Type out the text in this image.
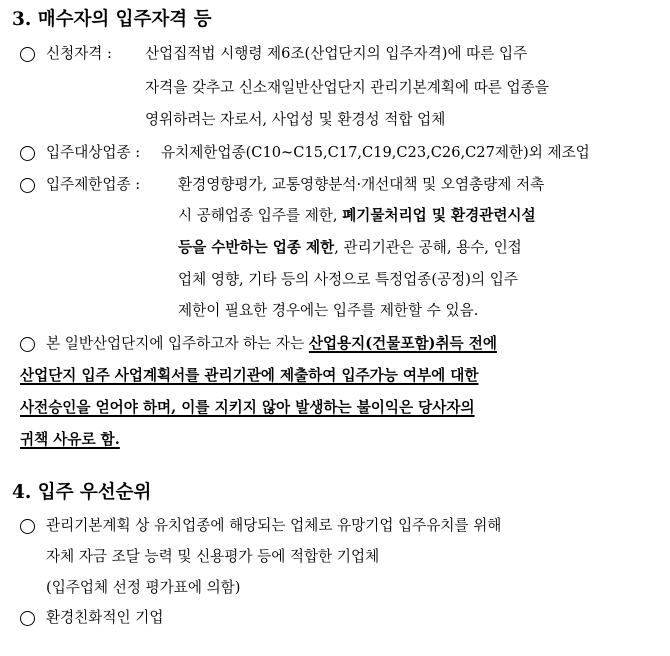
3. 매수자의 입주자격 등
신청자격 : 산업집적법 시행령 제6조(산업단지의 입주자격)에 따른 입주
자격을 갖추고 신소재일반산업단지 관리기본계획에 따른 업종을
영위하려는 자로서, 사업성 및 환경성 적합 업체
입주대상업종 : 유치제한업종(C10~C15,C17,C19,C23,C26,C27제한)외 제조업
입주제한업종 :	환경영향평가, 교통영향분석·개선대책 및 오염총량제 저촉
시 공해업종 입주를 제한, 폐기물처리업 및 환경관련시설
등을 수반하는 업종 제한, 관리기관은 공해, 용수, 인접
업체 영향, 기타 등의 사정으로 특정업종(공정)의 입주
제한이 필요한 경우에는 입주를 제한할 수 있음.
본 일반산업단지에 입주하고자 하는 자는 산업용지(건물포함)취득 전에
산업단지 입주 사업계획서를 관리기관에 제출하여 입주가능 여부에 대한
사전승인을 얻어야 하며, 이를 지키지 않아 발생하는 불이익은 당사자의
귀책 사유로 함.
4. 입주 우선순위
관리기본계획 상 유치업종에 해당되는 업체로 유망기업 입주유치를 위해
자체 자금 조달 능력 및 신용평가 등에 적합한 기업체
(입주업체 선정 평가표에 의함)
환경친화적인 기업
